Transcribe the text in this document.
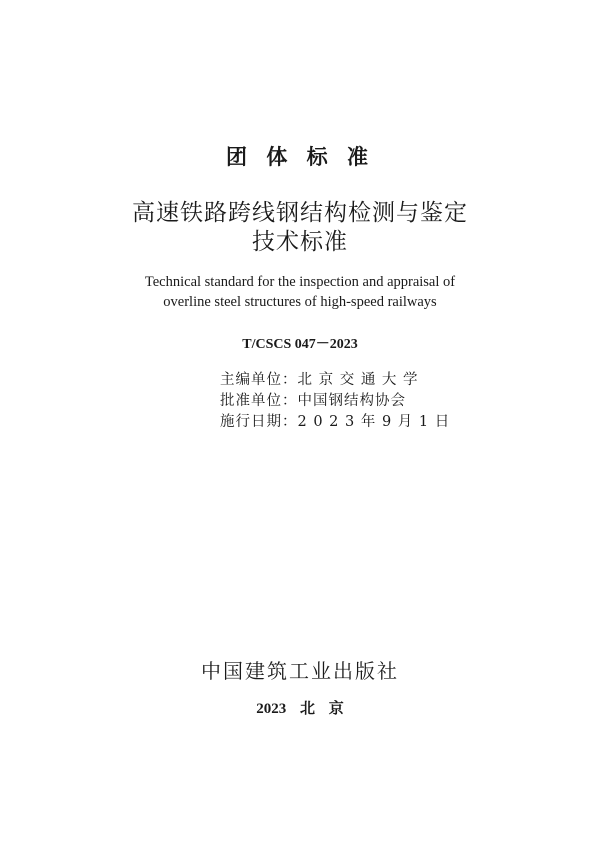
团 体 标 准
高速铁路跨线钢结构检测与鉴定
技术标准
Technical standard for the inspection and appraisal of
overline steel structures of high-speed railways
T/CSCS 047－2023
主编单位：北 京 交 通 大 学
批准单位：中国钢结构协会
施行日期：2 0 2 3 年 9 月 1 日
中国建筑工业出版社
2023 北 京
